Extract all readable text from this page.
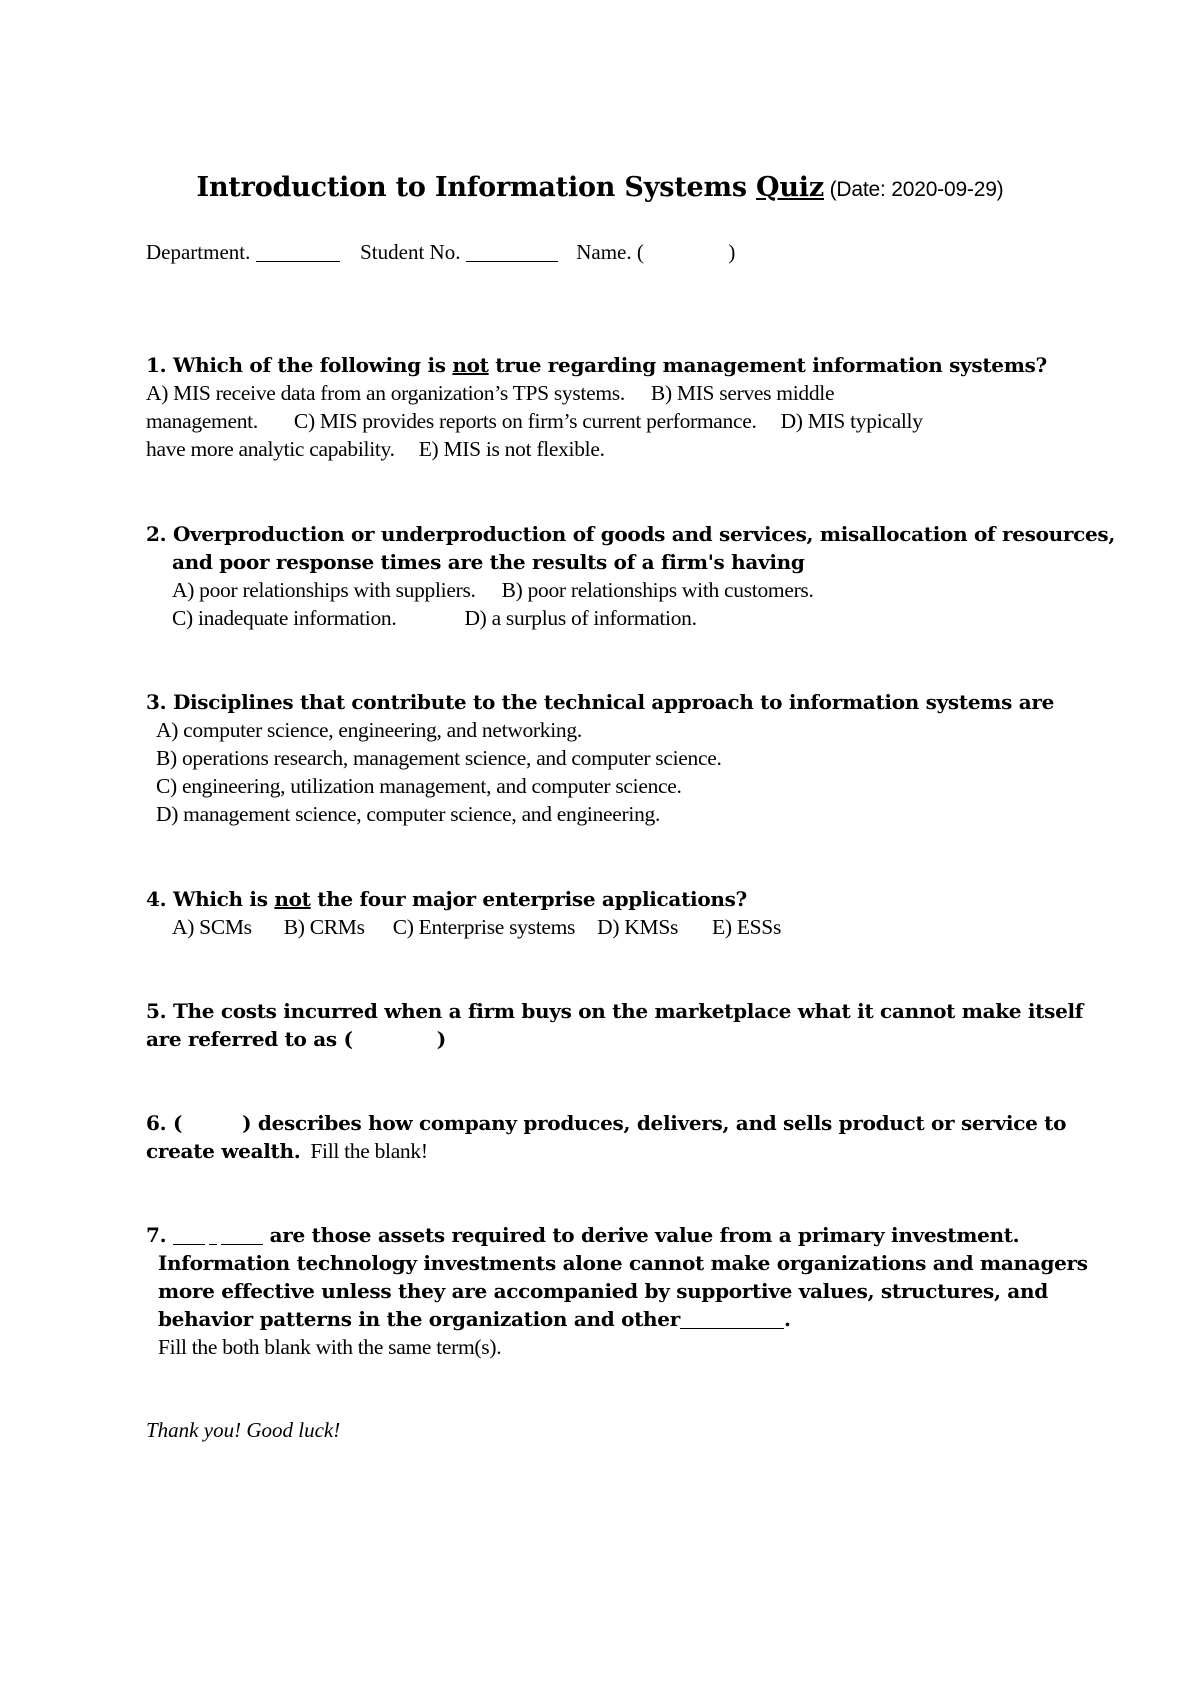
Introduction to Information Systems Quiz (Date: 2020-09-29)
Department.	Student No.	Name. (	)
1. Which of the following is not true regarding management information systems?
A) MIS receive data from an organization’s TPS systems. B) MIS serves middle
management. C) MIS provides reports on firm’s current performance. D) MIS typically
have more analytic capability. E) MIS is not flexible.
2. Overproduction or underproduction of goods and services, misallocation of resources,
and poor response times are the results of a firm's having
A) poor relationships with suppliers. B) poor relationships with customers.
C) inadequate information.	D) a surplus of information.
3. Disciplines that contribute to the technical approach to information systems are
A) computer science, engineering, and networking.
B) operations research, management science, and computer science.
C) engineering, utilization management, and computer science.
D) management science, computer science, and engineering.
4. Which is not the four major enterprise applications?
A) SCMs B) CRMs C) Enterprise systems D) KMSs E) ESSs
5. The costs incurred when a firm buys on the marketplace what it cannot make itself
are referred to as (	)
6. (	) describes how company produces, delivers, and sells product or service to
create wealth. Fill the blank!
7.	are those assets required to derive value from a primary investment.
Information technology investments alone cannot make organizations and managers
more effective unless they are accompanied by supportive values, structures, and
behavior patterns in the organization and other	.
Fill the both blank with the same term(s).
Thank you! Good luck!
